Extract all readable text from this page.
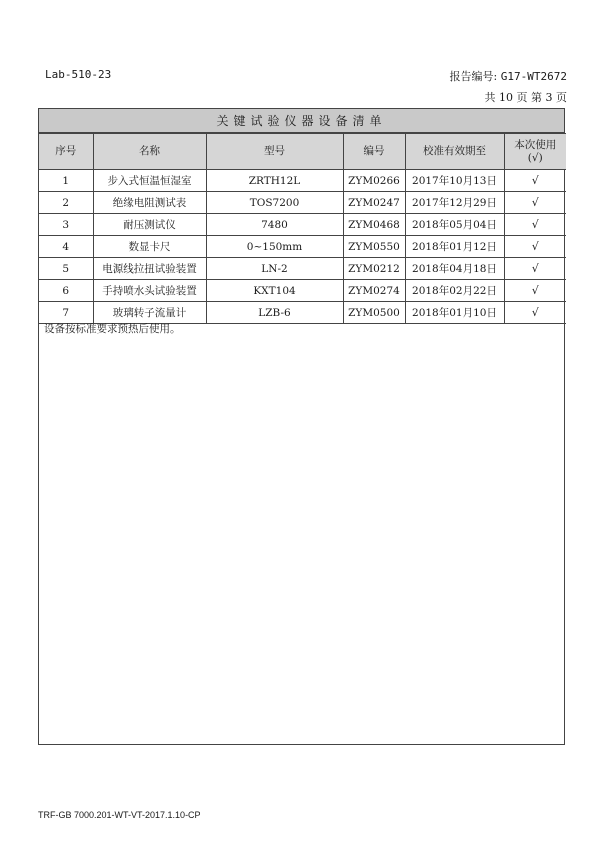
Lab-510-23	报告编号: G17-WT2672
共 10 页 第 3 页
关键试验仪器设备清单
序号	名称	型号	编号	校准有效期至	本次使用
(√)
1	步入式恒温恒湿室	ZRTH12L	ZYM0266	2017年10月13日	√
2	绝缘电阻测试表	TOS7200	ZYM0247	2017年12月29日	√
3	耐压测试仪	7480	ZYM0468	2018年05月04日	√
4	数显卡尺	0~150mm	ZYM0550	2018年01月12日	√
5	电源线拉扭试验装置	LN-2	ZYM0212	2018年04月18日	√
6	手持喷水头试验装置	KXT104	ZYM0274	2018年02月22日	√
7	玻璃转子流量计	LZB-6	ZYM0500	2018年01月10日	√
设备按标准要求预热后使用。
TRF-GB 7000.201-WT-VT-2017.1.10-CP
